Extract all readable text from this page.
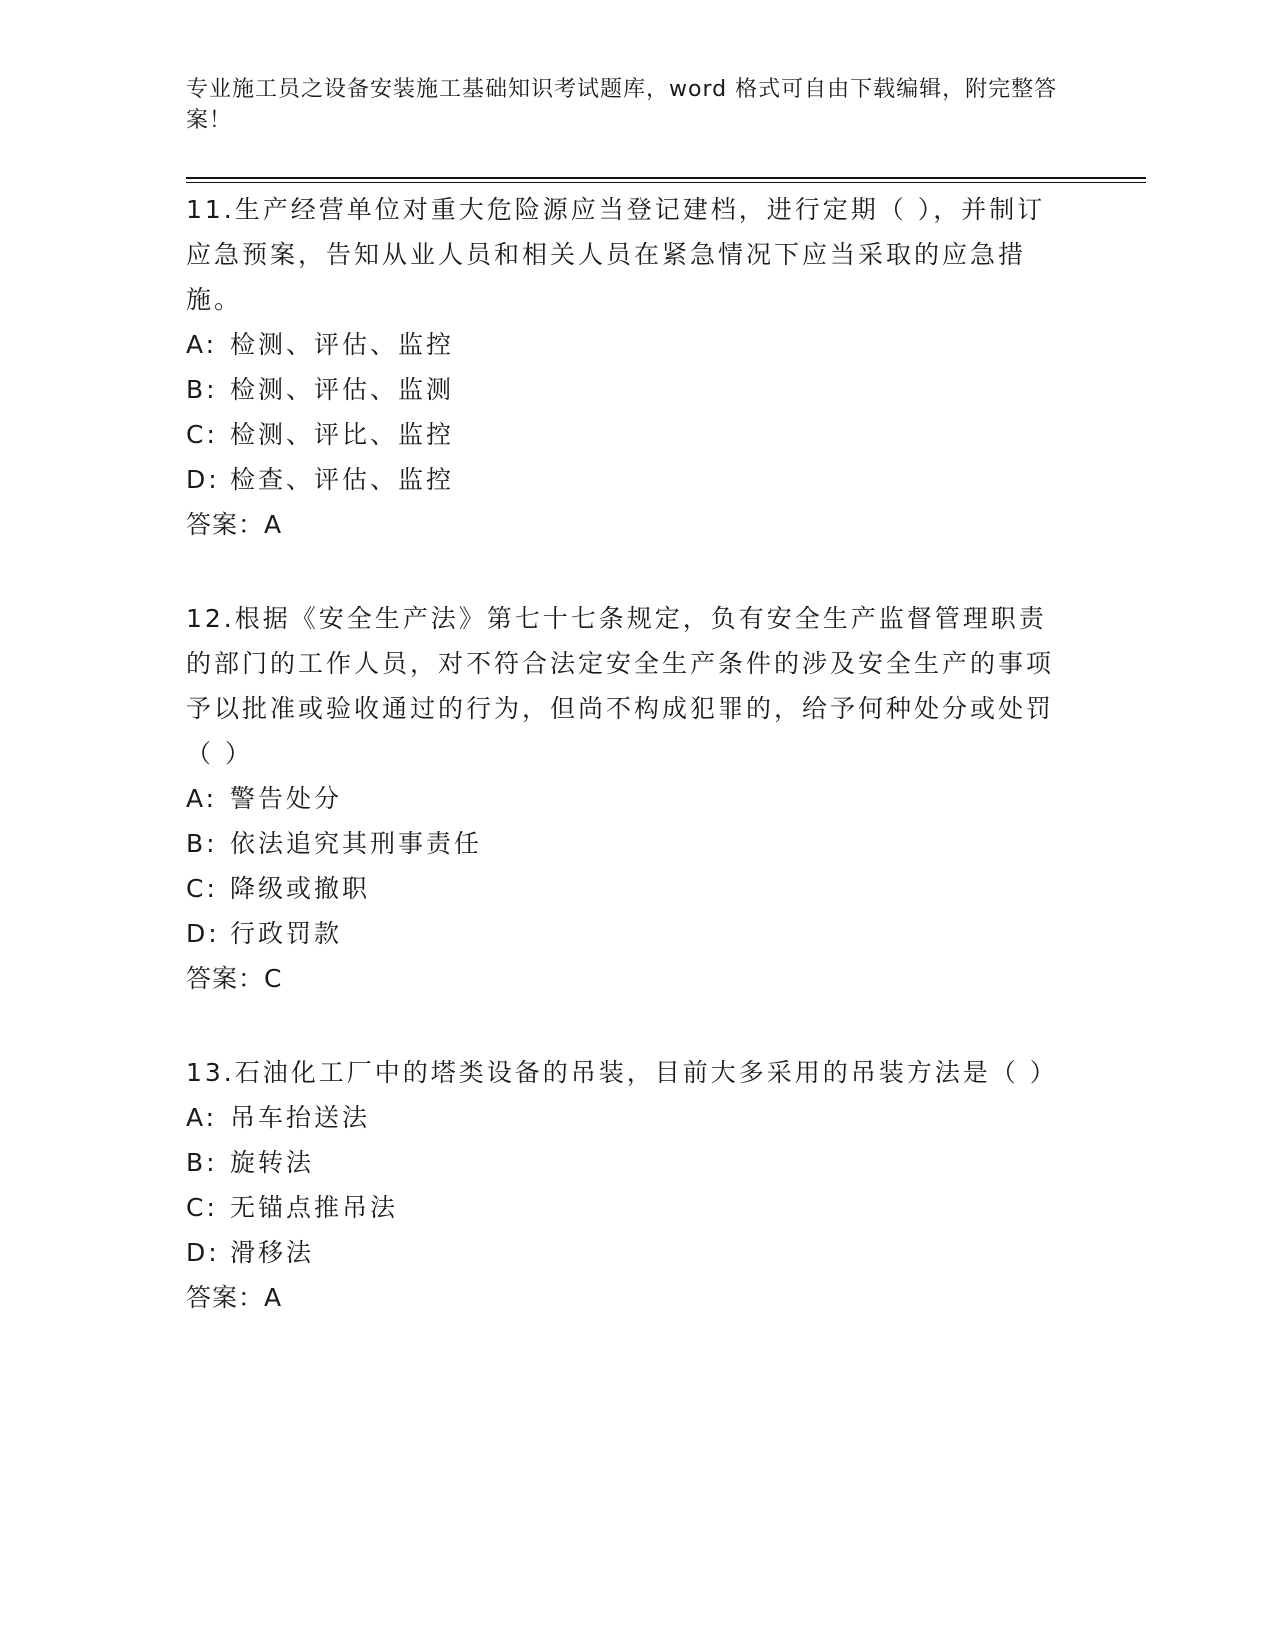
专业施工员之设备安装施工基础知识考试题库，word 格式可自由下载编辑，附完整答案！

11.生产经营单位对重大危险源应当登记建档，进行定期（ ），并制订应急预案，告知从业人员和相关人员在紧急情况下应当采取的应急措施。

A: 检测、评估、监控

B: 检测、评估、监测

C: 检测、评比、监控

D: 检查、评估、监控

答案：A

12.根据《安全生产法》第七十七条规定，负有安全生产监督管理职责的部门的工作人员，对不符合法定安全生产条件的涉及安全生产的事项予以批准或验收通过的行为，但尚不构成犯罪的，给予何种处分或处罚（ ）

A: 警告处分

B: 依法追究其刑事责任

C: 降级或撤职

D: 行政罚款

答案：C

13.石油化工厂中的塔类设备的吊装，目前大多采用的吊装方法是（ ）

A: 吊车抬送法

B: 旋转法

C: 无锚点推吊法

D: 滑移法

答案：A
